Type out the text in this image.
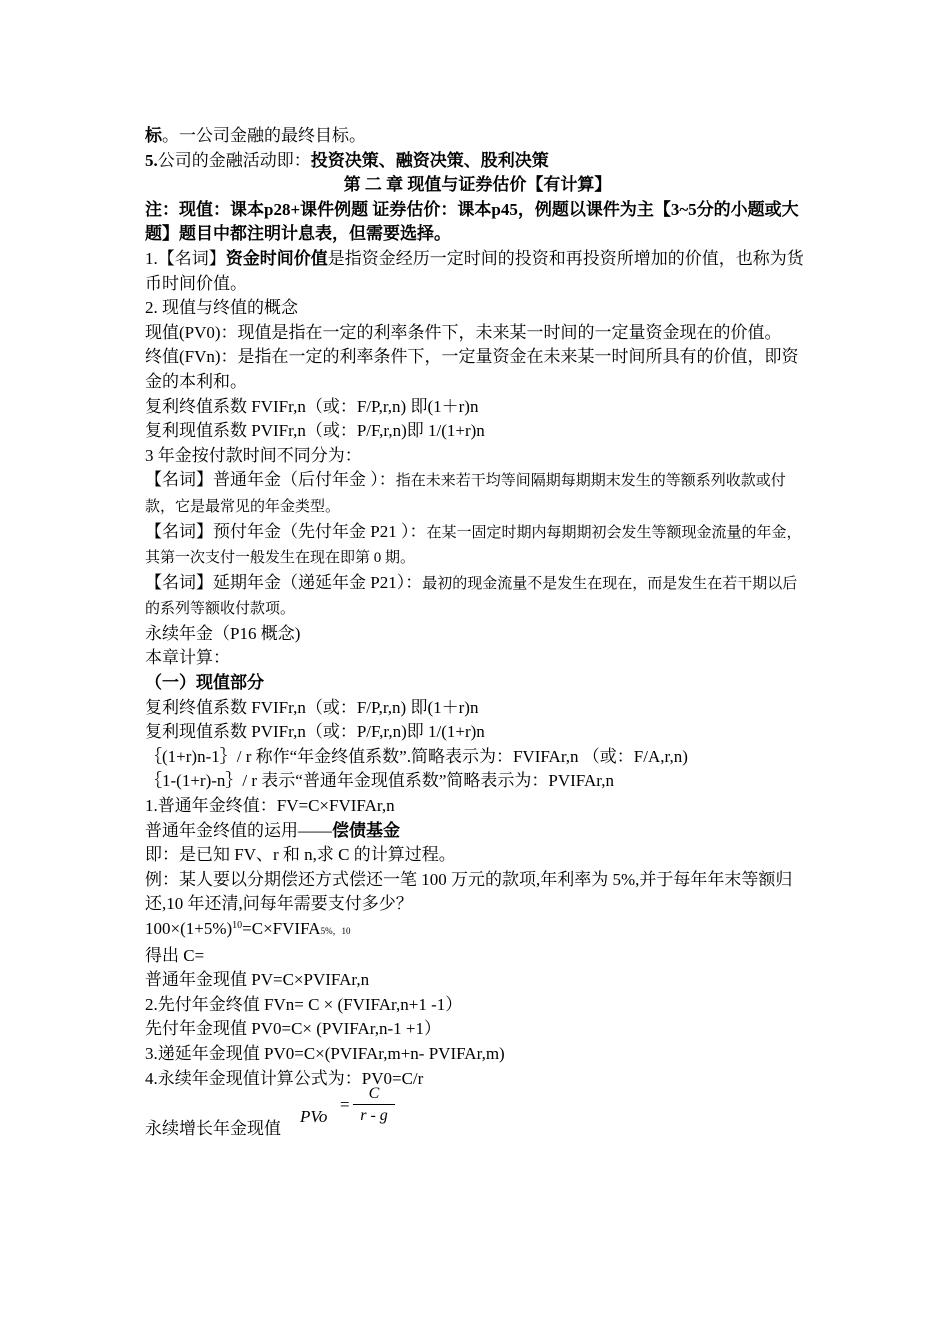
标。一公司金融的最终目标。
5.公司的金融活动即：投资决策、融资决策、股利决策
第 二 章 现值与证券估价【有计算】
注：现值：课本p28+课件例题 证券估价：课本p45，例题以课件为主【3~5分的小题或大题】题目中都注明计息表，但需要选择。
1.【名词】资金时间价值是指资金经历一定时间的投资和再投资所增加的价值，也称为货币时间价值。
2. 现值与终值的概念
现值(PV0)：现值是指在一定的利率条件下，未来某一时间的一定量资金现在的价值。
终值(FVn)：是指在一定的利率条件下，一定量资金在未来某一时间所具有的价值，即资金的本利和。
复利终值系数 FVIFr,n（或：F/P,r,n) 即(1＋r)n
复利现值系数 PVIFr,n（或：P/F,r,n)即 1/(1+r)n
3 年金按付款时间不同分为：
【名词】普通年金（后付年金 ）：指在未来若干均等间隔期每期期末发生的等额系列收款或付款，它是最常见的年金类型。
【名词】预付年金（先付年金 P21 ）：在某一固定时期内每期期初会发生等额现金流量的年金，其第一次支付一般发生在现在即第 0 期。
【名词】延期年金（递延年金 P21）：最初的现金流量不是发生在现在，而是发生在若干期以后的系列等额收付款项。
永续年金（P16 概念)
本章计算：
（一）现值部分
复利终值系数 FVIFr,n（或：F/P,r,n) 即(1＋r)n
复利现值系数 PVIFr,n（或：P/F,r,n)即 1/(1+r)n
｛(1+r)n-1｝/ r 称作“年金终值系数”.简略表示为：FVIFAr,n （或：F/A,r,n)
｛1-(1+r)-n｝/ r 表示“普通年金现值系数”简略表示为：PVIFAr,n
1.普通年金终值：FV=C×FVIFAr,n
普通年金终值的运用——偿债基金
即：是已知 FV、r 和 n,求 C 的计算过程。
例：某人要以分期偿还方式偿还一笔 100 万元的款项,年利率为 5%,并于每年年末等额归还,10 年还清,问每年需要支付多少？
$100\times(1+5\%)^{10}=C\times FVIFA5\%$，10
得出 C=
普通年金现值 PV=C×PVIFAr,n
2.先付年金终值 FVn= C × (FVIFAr,n+1 -1）
先付年金现值 PV0=C× (PVIFAr,n-1 +1）
3.递延年金现值 PV0=C×(PVIFAr,m+n- PVIFAr,m)
4.永续年金现值计算公式为：PV0=C/r
永续增长年金现值
PVo
= $\frac{C}{r - g}$
